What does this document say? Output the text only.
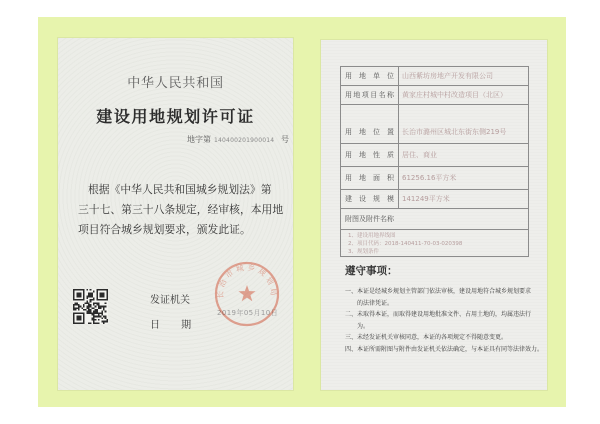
中华人民共和国
建设用地规划许可证
地字第 140400201900014 号
根据《中华人民共和国城乡规划法》第
三十七、第三十八条规定，经审核，本用地
项目符合城乡规划要求，颁发此证。
发证机关
日 期
2019年05月10日
长治市城乡规划局
用 地 单 位	山西紫坊房地产开发有限公司
用地项目名称	黄家庄村城中村改造项目（北区）
用 地 位 置	长治市潞州区城北东街东侧219号
用 地 性 质	居住、商业
用 地 面 积	61256.16平方米
建 设 规 模	141249平方米
附图及附件名称	

1、建设用地界线图
2、项目代码：2018-140411-70-03-020398
3、规划条件	
遵守事项：
一、本证是经城乡规划主管部门依法审核，建设用地符合城乡规划要求
的法律凭证。
二、未取得本证，而取得建设用地批准文件、占用土地的，均属违法行
为。
三、未经发证机关审核同意，本证的各项规定不得随意变更。
四、本证所需附图与附件由发证机关依法确定，与本证具有同等法律效力。
